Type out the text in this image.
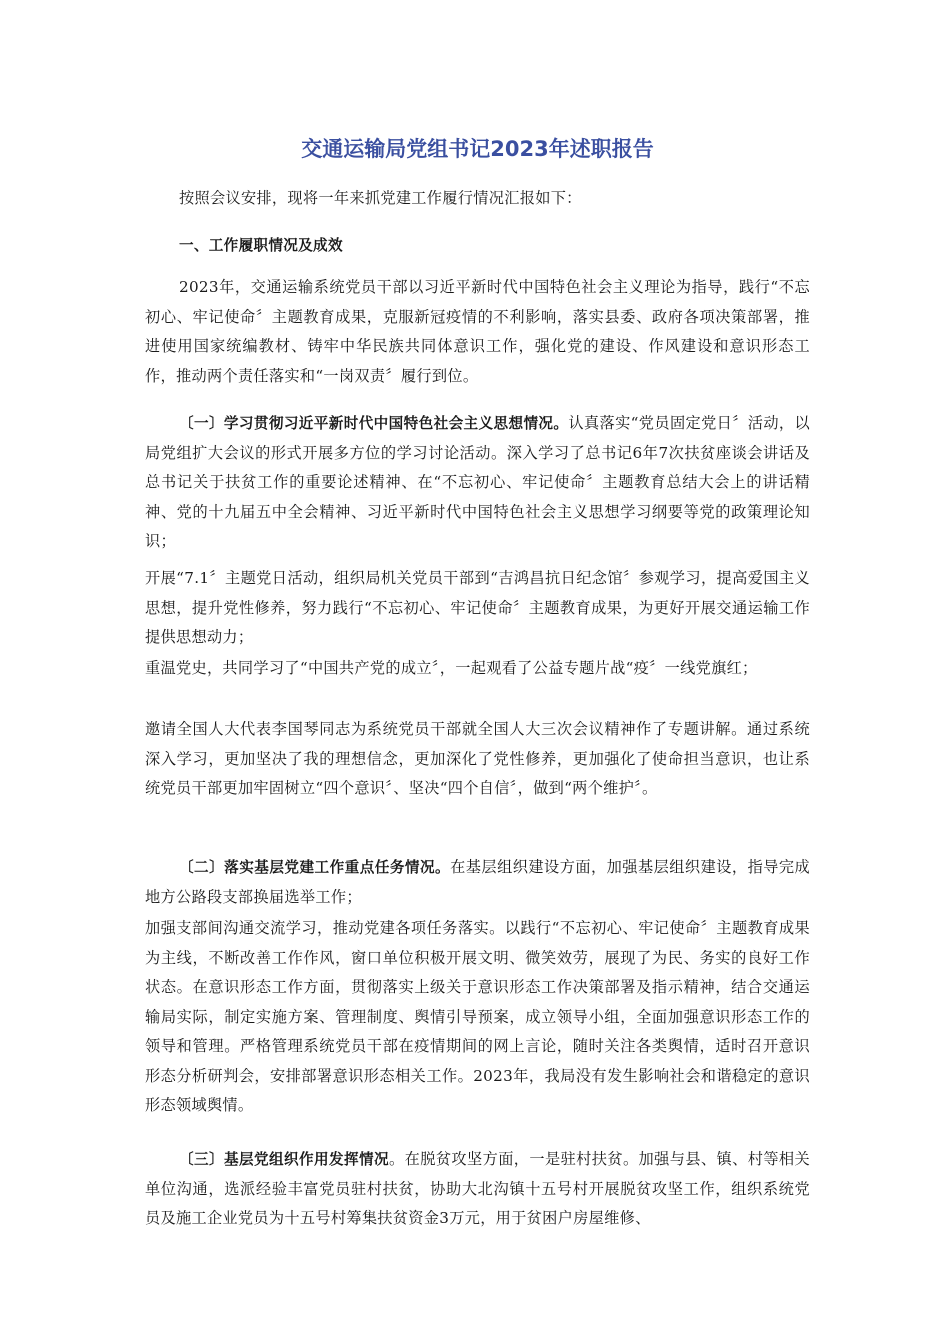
交通运输局党组书记2023年述职报告

按照会议安排，现将一年来抓党建工作履行情况汇报如下：

一、工作履职情况及成效

2023年，交通运输系统党员干部以习近平新时代中国特色社会主义理论为指导，践行“不忘初心、牢记使命〞主题教育成果，克服新冠疫情的不利影响，落实县委、政府各项决策部署，推进使用国家统编教材、铸牢中华民族共同体意识工作，强化党的建设、作风建设和意识形态工作，推动两个责任落实和“一岗双责〞履行到位。

〔一〕学习贯彻习近平新时代中国特色社会主义思想情况。认真落实“党员固定党日〞活动，以局党组扩大会议的形式开展多方位的学习讨论活动。深入学习了总书记6年7次扶贫座谈会讲话及总书记关于扶贫工作的重要论述精神、在“不忘初心、牢记使命〞主题教育总结大会上的讲话精神、党的十九届五中全会精神、习近平新时代中国特色社会主义思想学习纲要等党的政策理论知识；

开展“7.1〞主题党日活动，组织局机关党员干部到“吉鸿昌抗日纪念馆〞参观学习，提高爱国主义思想，提升党性修养，努力践行“不忘初心、牢记使命〞主题教育成果，为更好开展交通运输工作提供思想动力；

重温党史，共同学习了“中国共产党的成立〞，一起观看了公益专题片战“疫〞一线党旗红；

邀请全国人大代表李国琴同志为系统党员干部就全国人大三次会议精神作了专题讲解。通过系统深入学习，更加坚决了我的理想信念，更加深化了党性修养，更加强化了使命担当意识，也让系统党员干部更加牢固树立“四个意识〞、坚决“四个自信〞，做到“两个维护〞。

〔二〕落实基层党建工作重点任务情况。在基层组织建设方面，加强基层组织建设，指导完成地方公路段支部换届选举工作；

加强支部间沟通交流学习，推动党建各项任务落实。以践行“不忘初心、牢记使命〞主题教育成果为主线，不断改善工作作风，窗口单位积极开展文明、微笑效劳，展现了为民、务实的良好工作状态。在意识形态工作方面，贯彻落实上级关于意识形态工作决策部署及指示精神，结合交通运输局实际，制定实施方案、管理制度、舆情引导预案，成立领导小组，全面加强意识形态工作的领导和管理。严格管理系统党员干部在疫情期间的网上言论，随时关注各类舆情，适时召开意识形态分析研判会，安排部署意识形态相关工作。2023年，我局没有发生影响社会和谐稳定的意识形态领域舆情。

〔三〕基层党组织作用发挥情况。在脱贫攻坚方面，一是驻村扶贫。加强与县、镇、村等相关单位沟通，选派经验丰富党员驻村扶贫，协助大北沟镇十五号村开展脱贫攻坚工作，组织系统党员及施工企业党员为十五号村筹集扶贫资金3万元，用于贫困户房屋维修、
